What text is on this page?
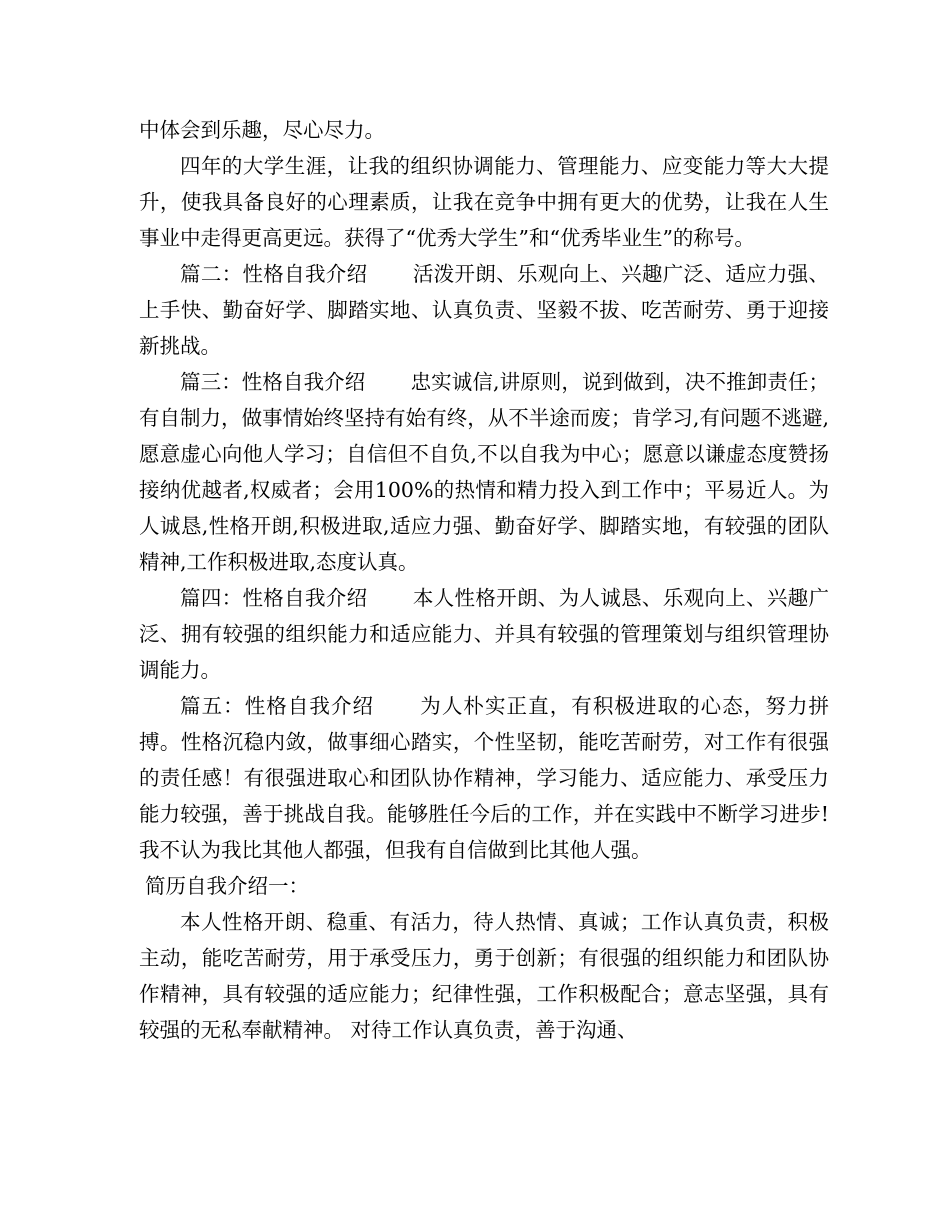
中体会到乐趣，尽心尽力。

四年的大学生涯，让我的组织协调能力、管理能力、应变能力等大大提升，使我具备良好的心理素质，让我在竞争中拥有更大的优势，让我在人生事业中走得更高更远。获得了“优秀大学生”和“优秀毕业生”的称号。

篇二：性格自我介绍 活泼开朗、乐观向上、兴趣广泛、适应力强、上手快、勤奋好学、脚踏实地、认真负责、坚毅不拔、吃苦耐劳、勇于迎接新挑战。

篇三：性格自我介绍 忠实诚信,讲原则，说到做到，决不推卸责任；有自制力，做事情始终坚持有始有终，从不半途而废；肯学习,有问题不逃避,愿意虚心向他人学习；自信但不自负,不以自我为中心；愿意以谦虚态度赞扬接纳优越者,权威者；会用100%的热情和精力投入到工作中；平易近人。为人诚恳,性格开朗,积极进取,适应力强、勤奋好学、脚踏实地，有较强的团队精神,工作积极进取,态度认真。

篇四：性格自我介绍 本人性格开朗、为人诚恳、乐观向上、兴趣广泛、拥有较强的组织能力和适应能力、并具有较强的管理策划与组织管理协调能力。

篇五：性格自我介绍 为人朴实正直，有积极进取的心态，努力拼搏。性格沉稳内敛，做事细心踏实，个性坚韧，能吃苦耐劳，对工作有很强的责任感！有很强进取心和团队协作精神，学习能力、适应能力、承受压力能力较强，善于挑战自我。能够胜任今后的工作，并在实践中不断学习进步!我不认为我比其他人都强，但我有自信做到比其他人强。

简历自我介绍一：

本人性格开朗、稳重、有活力，待人热情、真诚；工作认真负责，积极主动，能吃苦耐劳，用于承受压力，勇于创新；有很强的组织能力和团队协作精神，具有较强的适应能力；纪律性强，工作积极配合；意志坚强，具有较强的无私奉献精神。 对待工作认真负责，善于沟通、
